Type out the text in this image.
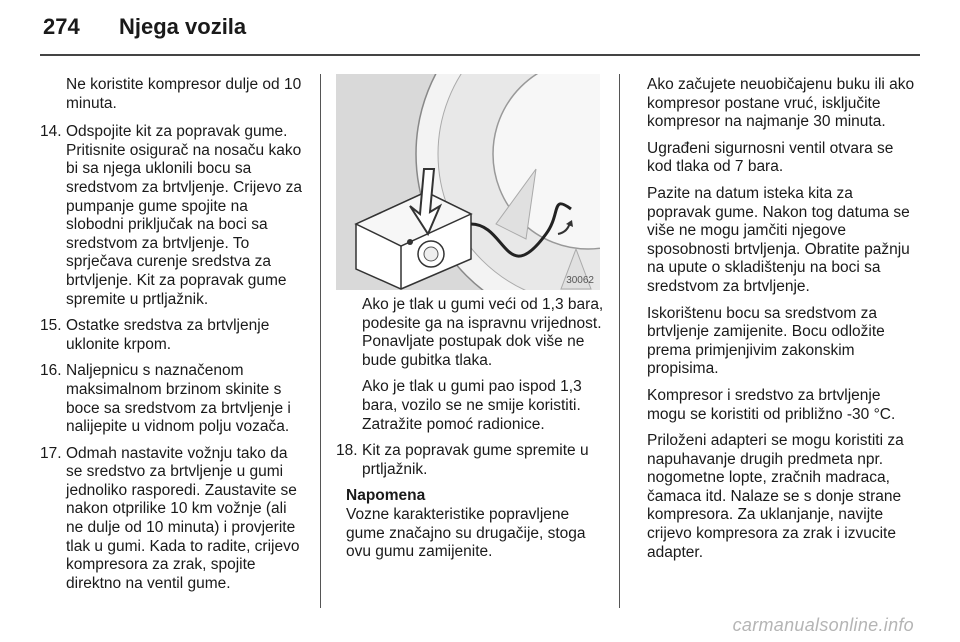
274 Njega vozila
Ne koristite kompresor dulje od 10 minuta.
14. Odspojite kit za popravak gume. Pritisnite osigurač na nosaču kako bi sa njega uklonili bocu sa sredstvom za brtvljenje. Crijevo za pumpanje gume spojite na slobodni priključak na boci sa sredstvom za brtvljenje. To sprječava curenje sredstva za brtvljenje. Kit za popravak gume spremite u prtljažnik.
15. Ostatke sredstva za brtvljenje uklonite krpom.
16. Naljepnicu s naznačenom maksimalnom brzinom skinite s boce sa sredstvom za brtvljenje i nalijepite u vidnom polju vozača.
17. Odmah nastavite vožnju tako da se sredstvo za brtvljenje u gumi jednoliko rasporedi. Zaustavite se nakon otprilike 10 km vožnje (ali ne dulje od 10 minuta) i provjerite tlak u gumi. Kada to radite, crijevo kompresora za zrak, spojite direktno na ventil gume.
30062

Ako je tlak u gumi veći od 1,3 bara, podesite ga na ispravnu vrijednost. Ponavljate postupak dok više ne bude gubitka tlaka.

Ako je tlak u gumi pao ispod 1,3 bara, vozilo se ne smije koristiti. Zatražite pomoć radionice.

18. Kit za popravak gume spremite u prtljažnik.
Napomena
Vozne karakteristike popravljene gume značajno su drugačije, stoga ovu gumu zamijenite.

Ako začujete neuobičajenu buku ili ako kompresor postane vruć, isključite kompresor na najmanje 30 minuta.

Ugrađeni sigurnosni ventil otvara se kod tlaka od 7 bara.

Pazite na datum isteka kita za popravak gume. Nakon tog datuma se više ne mogu jamčiti njegove sposobnosti brtvljenja. Obratite pažnju na upute o skladištenju na boci sa sredstvom za brtvljenje.

Iskorištenu bocu sa sredstvom za brtvljenje zamijenite. Bocu odložite prema primjenjivim zakonskim propisima.

Kompresor i sredstvo za brtvljenje mogu se koristiti od približno -30 °C.

Priloženi adapteri se mogu koristiti za napuhavanje drugih predmeta npr. nogometne lopte, zračnih madraca, čamaca itd. Nalaze se s donje strane kompresora. Za uklanjanje, navijte crijevo kompresora za zrak i izvucite adapter.

carmanualsonline.info
